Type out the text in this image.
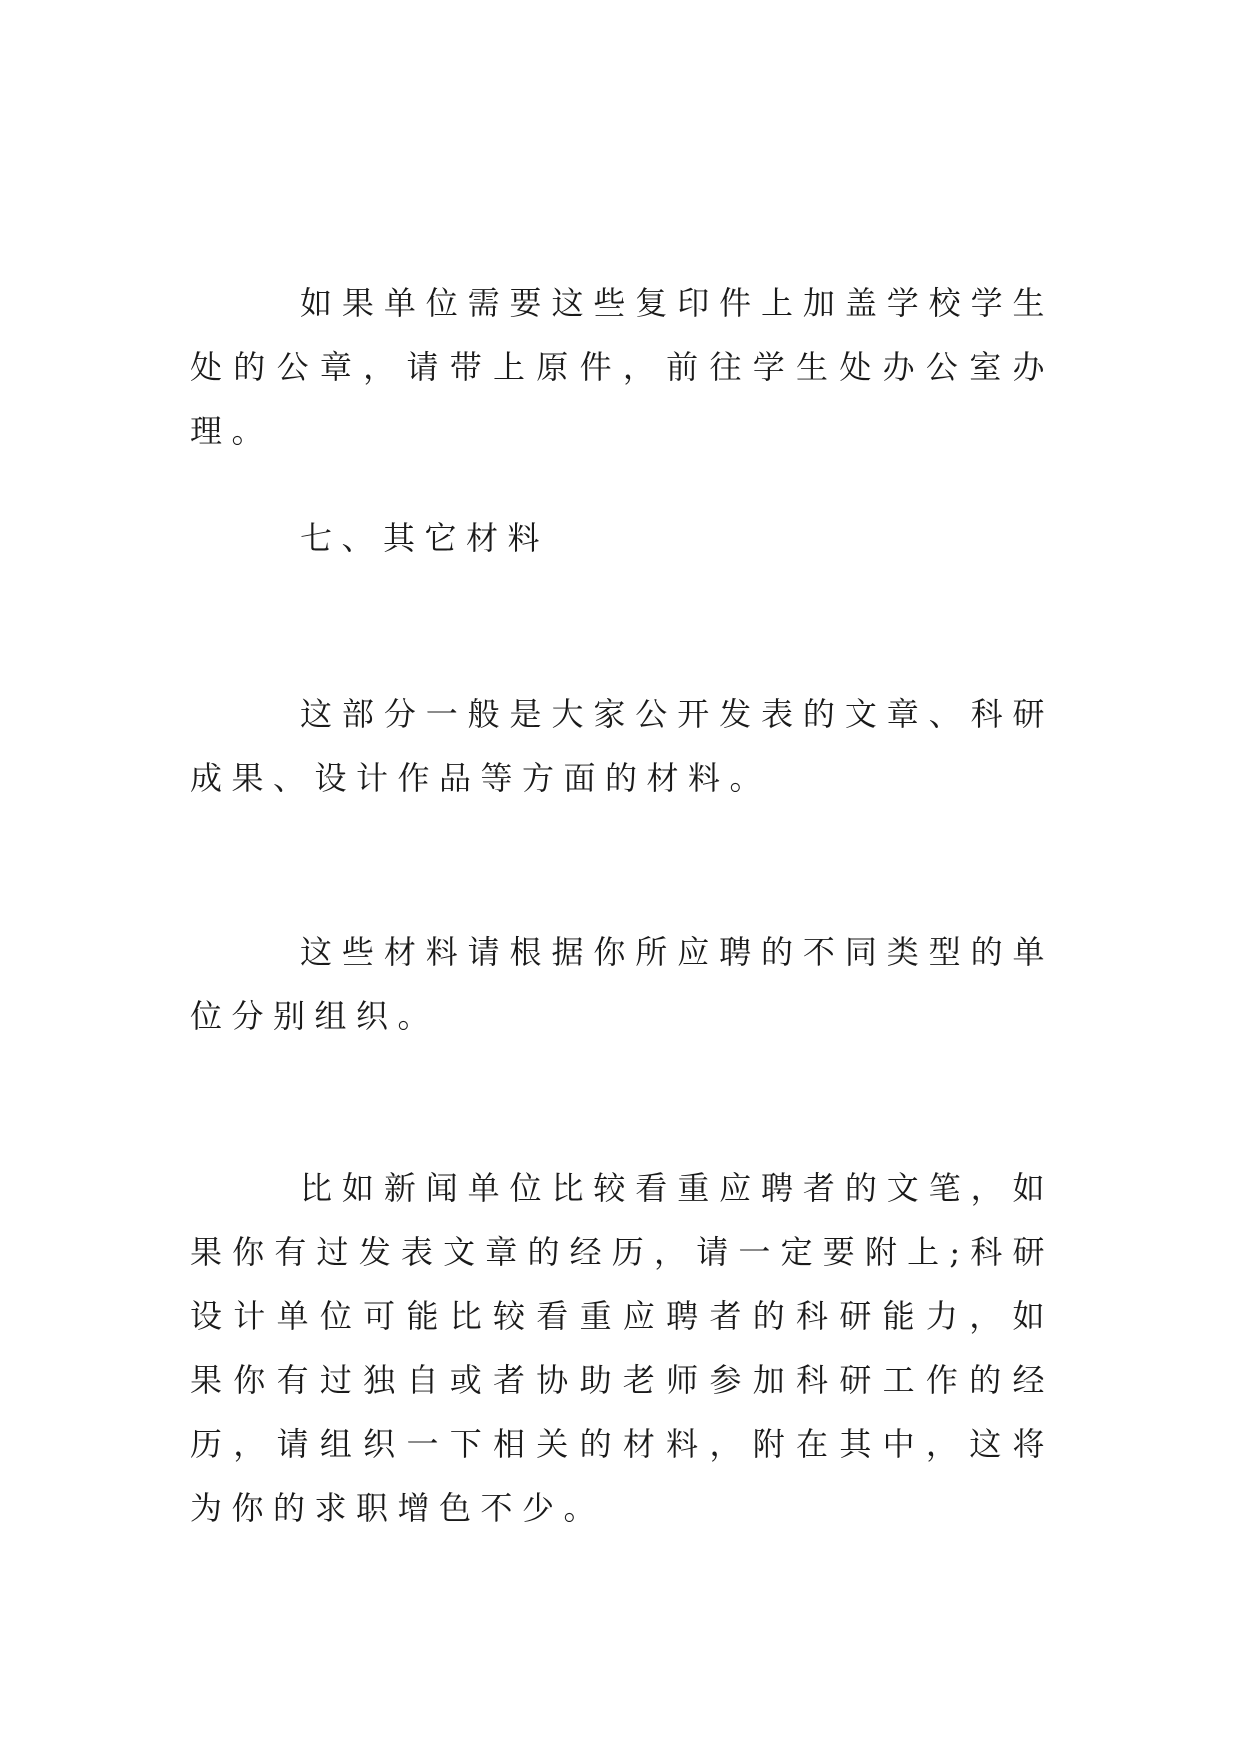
如果单位需要这些复印件上加盖学校学生处的公章，请带上原件，前往学生处办公室办理。

七、其它材料

这部分一般是大家公开发表的文章、科研成果、设计作品等方面的材料。

这些材料请根据你所应聘的不同类型的单位分别组织。

比如新闻单位比较看重应聘者的文笔，如果你有过发表文章的经历，请一定要附上;科研设计单位可能比较看重应聘者的科研能力，如果你有过独自或者协助老师参加科研工作的经历，请组织一下相关的材料，附在其中，这将为你的求职增色不少。
